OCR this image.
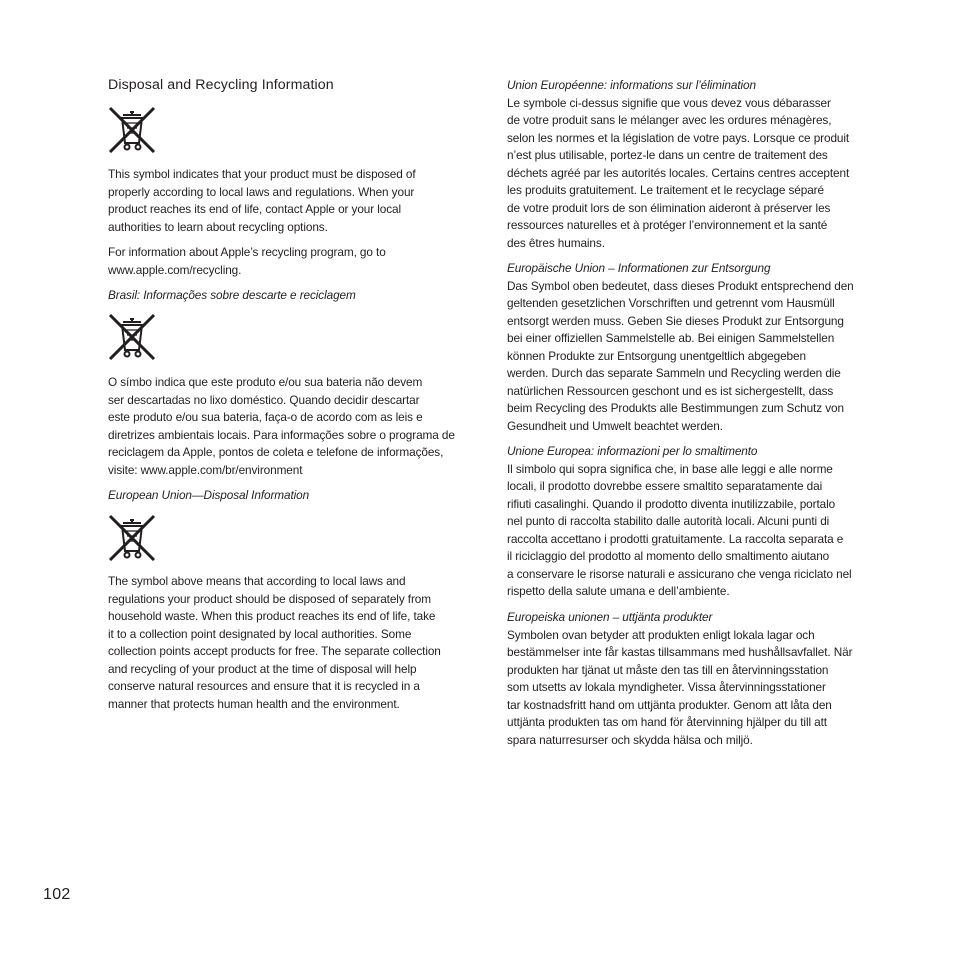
Disposal and Recycling Information

This symbol indicates that your product must be disposed of

properly according to local laws and regulations. When your

product reaches its end of life, contact Apple or your local

authorities to learn about recycling options.

For information about Apple’s recycling program, go to

www.apple.com/recycling.

Brasil: Informações sobre descarte e reciclagem

O símbo indica que este produto e/ou sua bateria não devem

ser descartadas no lixo doméstico. Quando decidir descartar

este produto e/ou sua bateria, faça-o de acordo com as leis e

diretrizes ambientais locais. Para informações sobre o programa de

reciclagem da Apple, pontos de coleta e telefone de informações,

visite: www.apple.com/br/environment

European Union—Disposal Information

The symbol above means that according to local laws and

regulations your product should be disposed of separately from

household waste. When this product reaches its end of life, take

it to a collection point designated by local authorities. Some

collection points accept products for free. The separate collection

and recycling of your product at the time of disposal will help

conserve natural resources and ensure that it is recycled in a

manner that protects human health and the environment.

Union Européenne: informations sur l’élimination

Le symbole ci-dessus signifie que vous devez vous débarasser

de votre produit sans le mélanger avec les ordures ménagères,

selon les normes et la législation de votre pays. Lorsque ce produit

n’est plus utilisable, portez-le dans un centre de traitement des

déchets agréé par les autorités locales. Certains centres acceptent

les produits gratuitement. Le traitement et le recyclage séparé

de votre produit lors de son élimination aideront à préserver les

ressources naturelles et à protéger l’environnement et la santé

des êtres humains.

Europäische Union – Informationen zur Entsorgung

Das Symbol oben bedeutet, dass dieses Produkt entsprechend den

geltenden gesetzlichen Vorschriften und getrennt vom Hausmüll

entsorgt werden muss. Geben Sie dieses Produkt zur Entsorgung

bei einer offiziellen Sammelstelle ab. Bei einigen Sammelstellen

können Produkte zur Entsorgung unentgeltlich abgegeben

werden. Durch das separate Sammeln und Recycling werden die

natürlichen Ressourcen geschont und es ist sichergestellt, dass

beim Recycling des Produkts alle Bestimmungen zum Schutz von

Gesundheit und Umwelt beachtet werden.

Unione Europea: informazioni per lo smaltimento

Il simbolo qui sopra significa che, in base alle leggi e alle norme

locali, il prodotto dovrebbe essere smaltito separatamente dai

rifiuti casalinghi. Quando il prodotto diventa inutilizzabile, portalo

nel punto di raccolta stabilito dalle autorità locali. Alcuni punti di

raccolta accettano i prodotti gratuitamente. La raccolta separata e

il riciclaggio del prodotto al momento dello smaltimento aiutano

a conservare le risorse naturali e assicurano che venga riciclato nel

rispetto della salute umana e dell’ambiente.

Europeiska unionen – uttjänta produkter

Symbolen ovan betyder att produkten enligt lokala lagar och

bestämmelser inte får kastas tillsammans med hushållsavfallet. När

produkten har tjänat ut måste den tas till en återvinningsstation

som utsetts av lokala myndigheter. Vissa återvinningsstationer

tar kostnadsfritt hand om uttjänta produkter. Genom att låta den

uttjänta produkten tas om hand för återvinning hjälper du till att

spara naturresurser och skydda hälsa och miljö.

102
